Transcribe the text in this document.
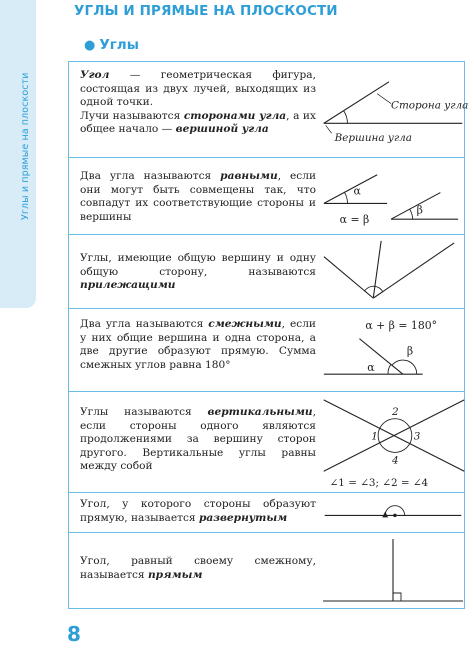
Углы и прямые на плоскости
УГЛЫ И ПРЯМЫЕ НА ПЛОСКОСТИ
● Углы
Угол — геометрическая фигура, состоящая из двух лучей, выходящих из одной точки.
Лучи называются сторонами угла, а их общее начало — вершиной угла
Сторона угла
Вершина угла
Два угла называются равными, если они могут быть совмещены так, что совпадут их соответствующие стороны и вершины
α
β
α = β
Углы, имеющие общую вершину и одну общую сторону, называются прилежащими
Два угла называются смежными, если у них общие вершина и одна сторона, а две другие образуют прямую. Сумма смежных углов равна 180°
α + β = 180°
α
β
Углы называются вертикальными, если стороны одного являются продолжениями за вершину сторон другого. Вертикальные углы равны между собой
2
1	3
4
∠1 = ∠3; ∠2 = ∠4
Угол, у которого стороны образуют прямую, называется развернутым
Угол, равный своему смежному, называется прямым
8
